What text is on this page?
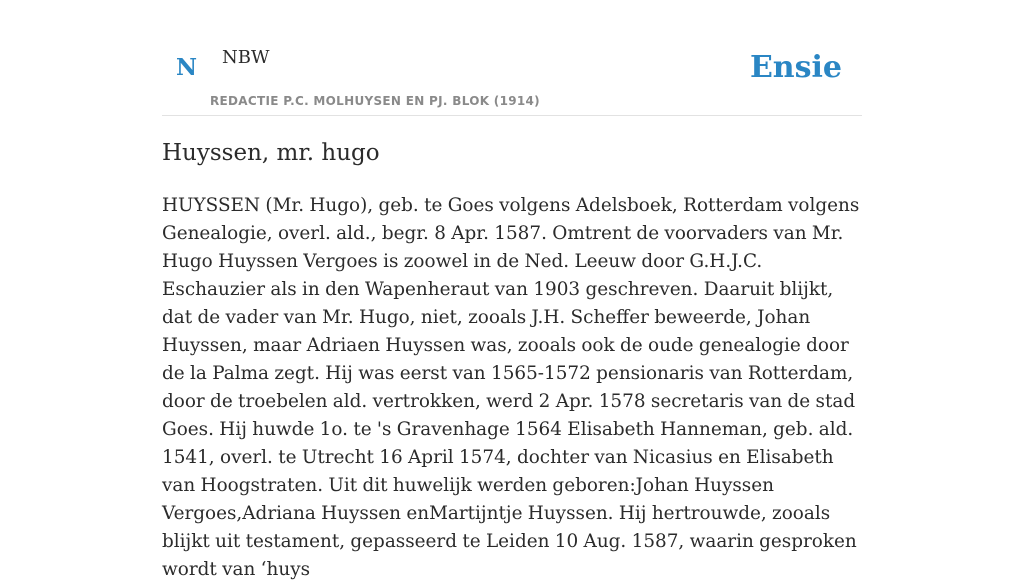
N NBW	Ensie
REDACTIE P.C. MOLHUYSEN EN PJ. BLOK (1914)
Huyssen, mr. hugo

HUYSSEN (Mr. Hugo), geb. te Goes volgens Adelsboek, Rotterdam volgens Genealogie, overl. ald., begr. 8 Apr. 1587. Omtrent de voorvaders van Mr. Hugo Huyssen Vergoes is zoowel in de Ned. Leeuw door G.H.J.C. Eschauzier als in den Wapenheraut van 1903 geschreven. Daaruit blijkt, dat de vader van Mr. Hugo, niet, zooals J.H. Scheffer beweerde, Johan Huyssen, maar Adriaen Huyssen was, zooals ook de oude genealogie door de la Palma zegt. Hij was eerst van 1565-1572 pensionaris van Rotterdam, door de troebelen ald. vertrokken, werd 2 Apr. 1578 secretaris van de stad Goes. Hij huwde 1o. te 's Gravenhage 1564 Elisabeth Hanneman, geb. ald. 1541, overl. te Utrecht 16 April 1574, dochter van Nicasius en Elisabeth van Hoogstraten. Uit dit huwelijk werden geboren:Johan Huyssen Vergoes,Adriana Huyssen enMartijntje Huyssen. Hij hertrouwde, zooals blijkt uit testament, gepasseerd te Leiden 10 Aug. 1587, waarin gesproken wordt van ‘huys
